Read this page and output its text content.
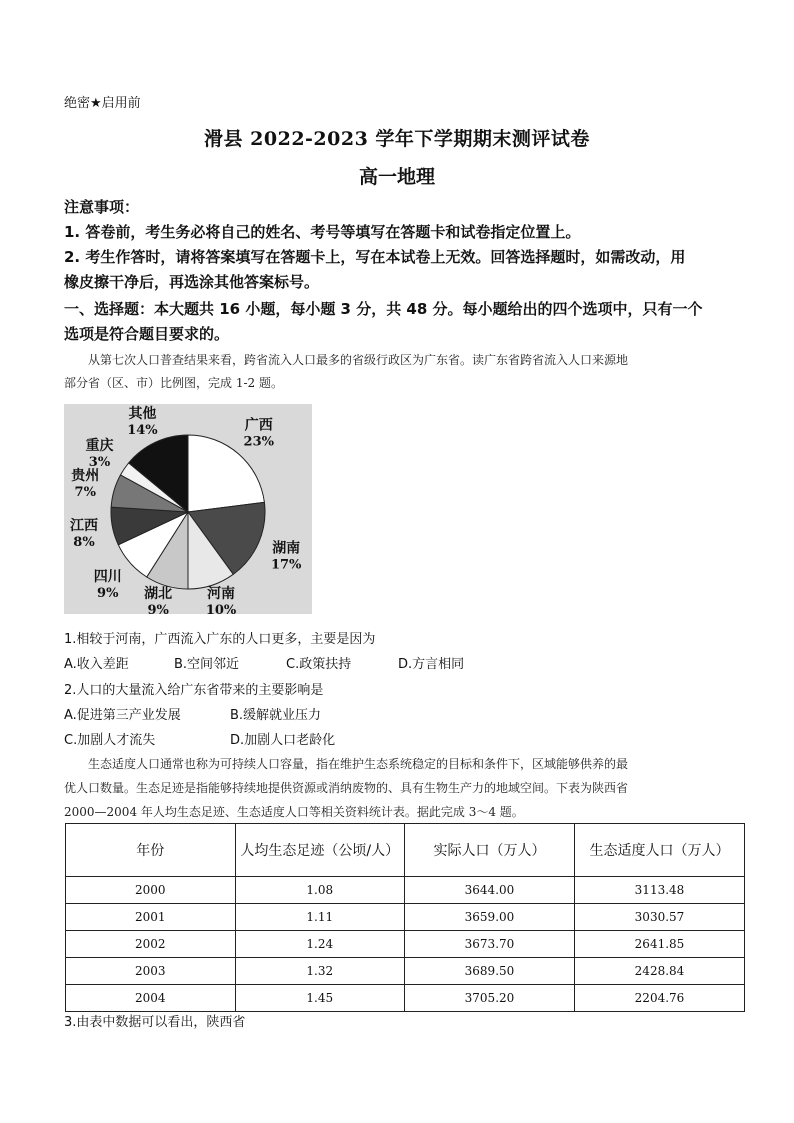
绝密★启用前
滑县 2022-2023 学年下学期期末测评试卷
高一地理
注意事项：
1. 答卷前，考生务必将自己的姓名、考号等填写在答题卡和试卷指定位置上。
2. 考生作答时，请将答案填写在答题卡上，写在本试卷上无效。回答选择题时，如需改动，用
橡皮擦干净后，再选涂其他答案标号。
一、选择题：本大题共 16 小题，每小题 3 分，共 48 分。每小题给出的四个选项中，只有一个
选项是符合题目要求的。
从第七次人口普查结果来看，跨省流入人口最多的省级行政区为广东省。读广东省跨省流入人口来源地
部分省（区、市）比例图，完成 1-2 题。
广西
23%
湖南
17%
河南
10%
湖北
9%
四川
9%
江西
8%
贵州
7%
重庆
3%
其他
14%
1.相较于河南，广西流入广东的人口更多，主要是因为
A.收入差距	B.空间邻近	C.政策扶持	D.方言相同
2.人口的大量流入给广东省带来的主要影响是
A.促进第三产业发展	B.缓解就业压力
C.加剧人才流失	D.加剧人口老龄化
生态适度人口通常也称为可持续人口容量，指在维护生态系统稳定的目标和条件下，区域能够供养的最
优人口数量。生态足迹是指能够持续地提供资源或消纳废物的、具有生物生产力的地域空间。下表为陕西省
2000—2004 年人均生态足迹、生态适度人口等相关资料统计表。据此完成 3～4 题。
年份	人均生态足迹（公顷/人）	实际人口（万人）	生态适度人口（万人）
2000	1.08	3644.00	3113.48
2001	1.11	3659.00	3030.57
2002	1.24	3673.70	2641.85
2003	1.32	3689.50	2428.84
2004	1.45	3705.20	2204.76
3.由表中数据可以看出，陕西省
